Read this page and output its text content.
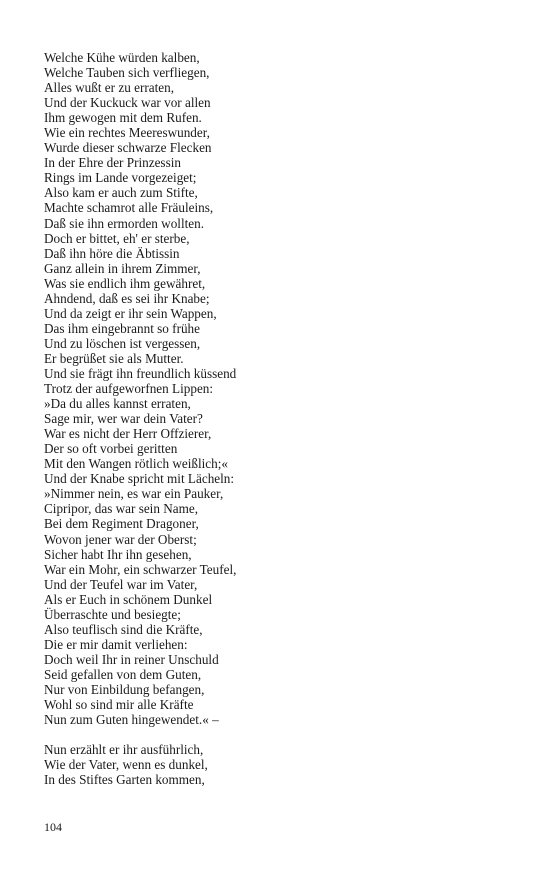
Welche Kühe würden kalben,
Welche Tauben sich verfliegen,
Alles wußt er zu erraten,
Und der Kuckuck war vor allen
Ihm gewogen mit dem Rufen.
Wie ein rechtes Meereswunder,
Wurde dieser schwarze Flecken
In der Ehre der Prinzessin
Rings im Lande vorgezeiget;
Also kam er auch zum Stifte,
Machte schamrot alle Fräuleins,
Daß sie ihn ermorden wollten.
Doch er bittet, eh' er sterbe,
Daß ihn höre die Äbtissin
Ganz allein in ihrem Zimmer,
Was sie endlich ihm gewähret,
Ahndend, daß es sei ihr Knabe;
Und da zeigt er ihr sein Wappen,
Das ihm eingebrannt so frühe
Und zu löschen ist vergessen,
Er begrüßet sie als Mutter.
Und sie frägt ihn freundlich küssend
Trotz der aufgeworfnen Lippen:
»Da du alles kannst erraten,
Sage mir, wer war dein Vater?
War es nicht der Herr Offzierer,
Der so oft vorbei geritten
Mit den Wangen rötlich weißlich;«
Und der Knabe spricht mit Lächeln:
»Nimmer nein, es war ein Pauker,
Cipripor, das war sein Name,
Bei dem Regiment Dragoner,
Wovon jener war der Oberst;
Sicher habt Ihr ihn gesehen,
War ein Mohr, ein schwarzer Teufel,
Und der Teufel war im Vater,
Als er Euch in schönem Dunkel
Überraschte und besiegte;
Also teuflisch sind die Kräfte,
Die er mir damit verliehen:
Doch weil Ihr in reiner Unschuld
Seid gefallen von dem Guten,
Nur von Einbildung befangen,
Wohl so sind mir alle Kräfte
Nun zum Guten hingewendet.« –
Nun erzählt er ihr ausführlich,
Wie der Vater, wenn es dunkel,
In des Stiftes Garten kommen,
104
